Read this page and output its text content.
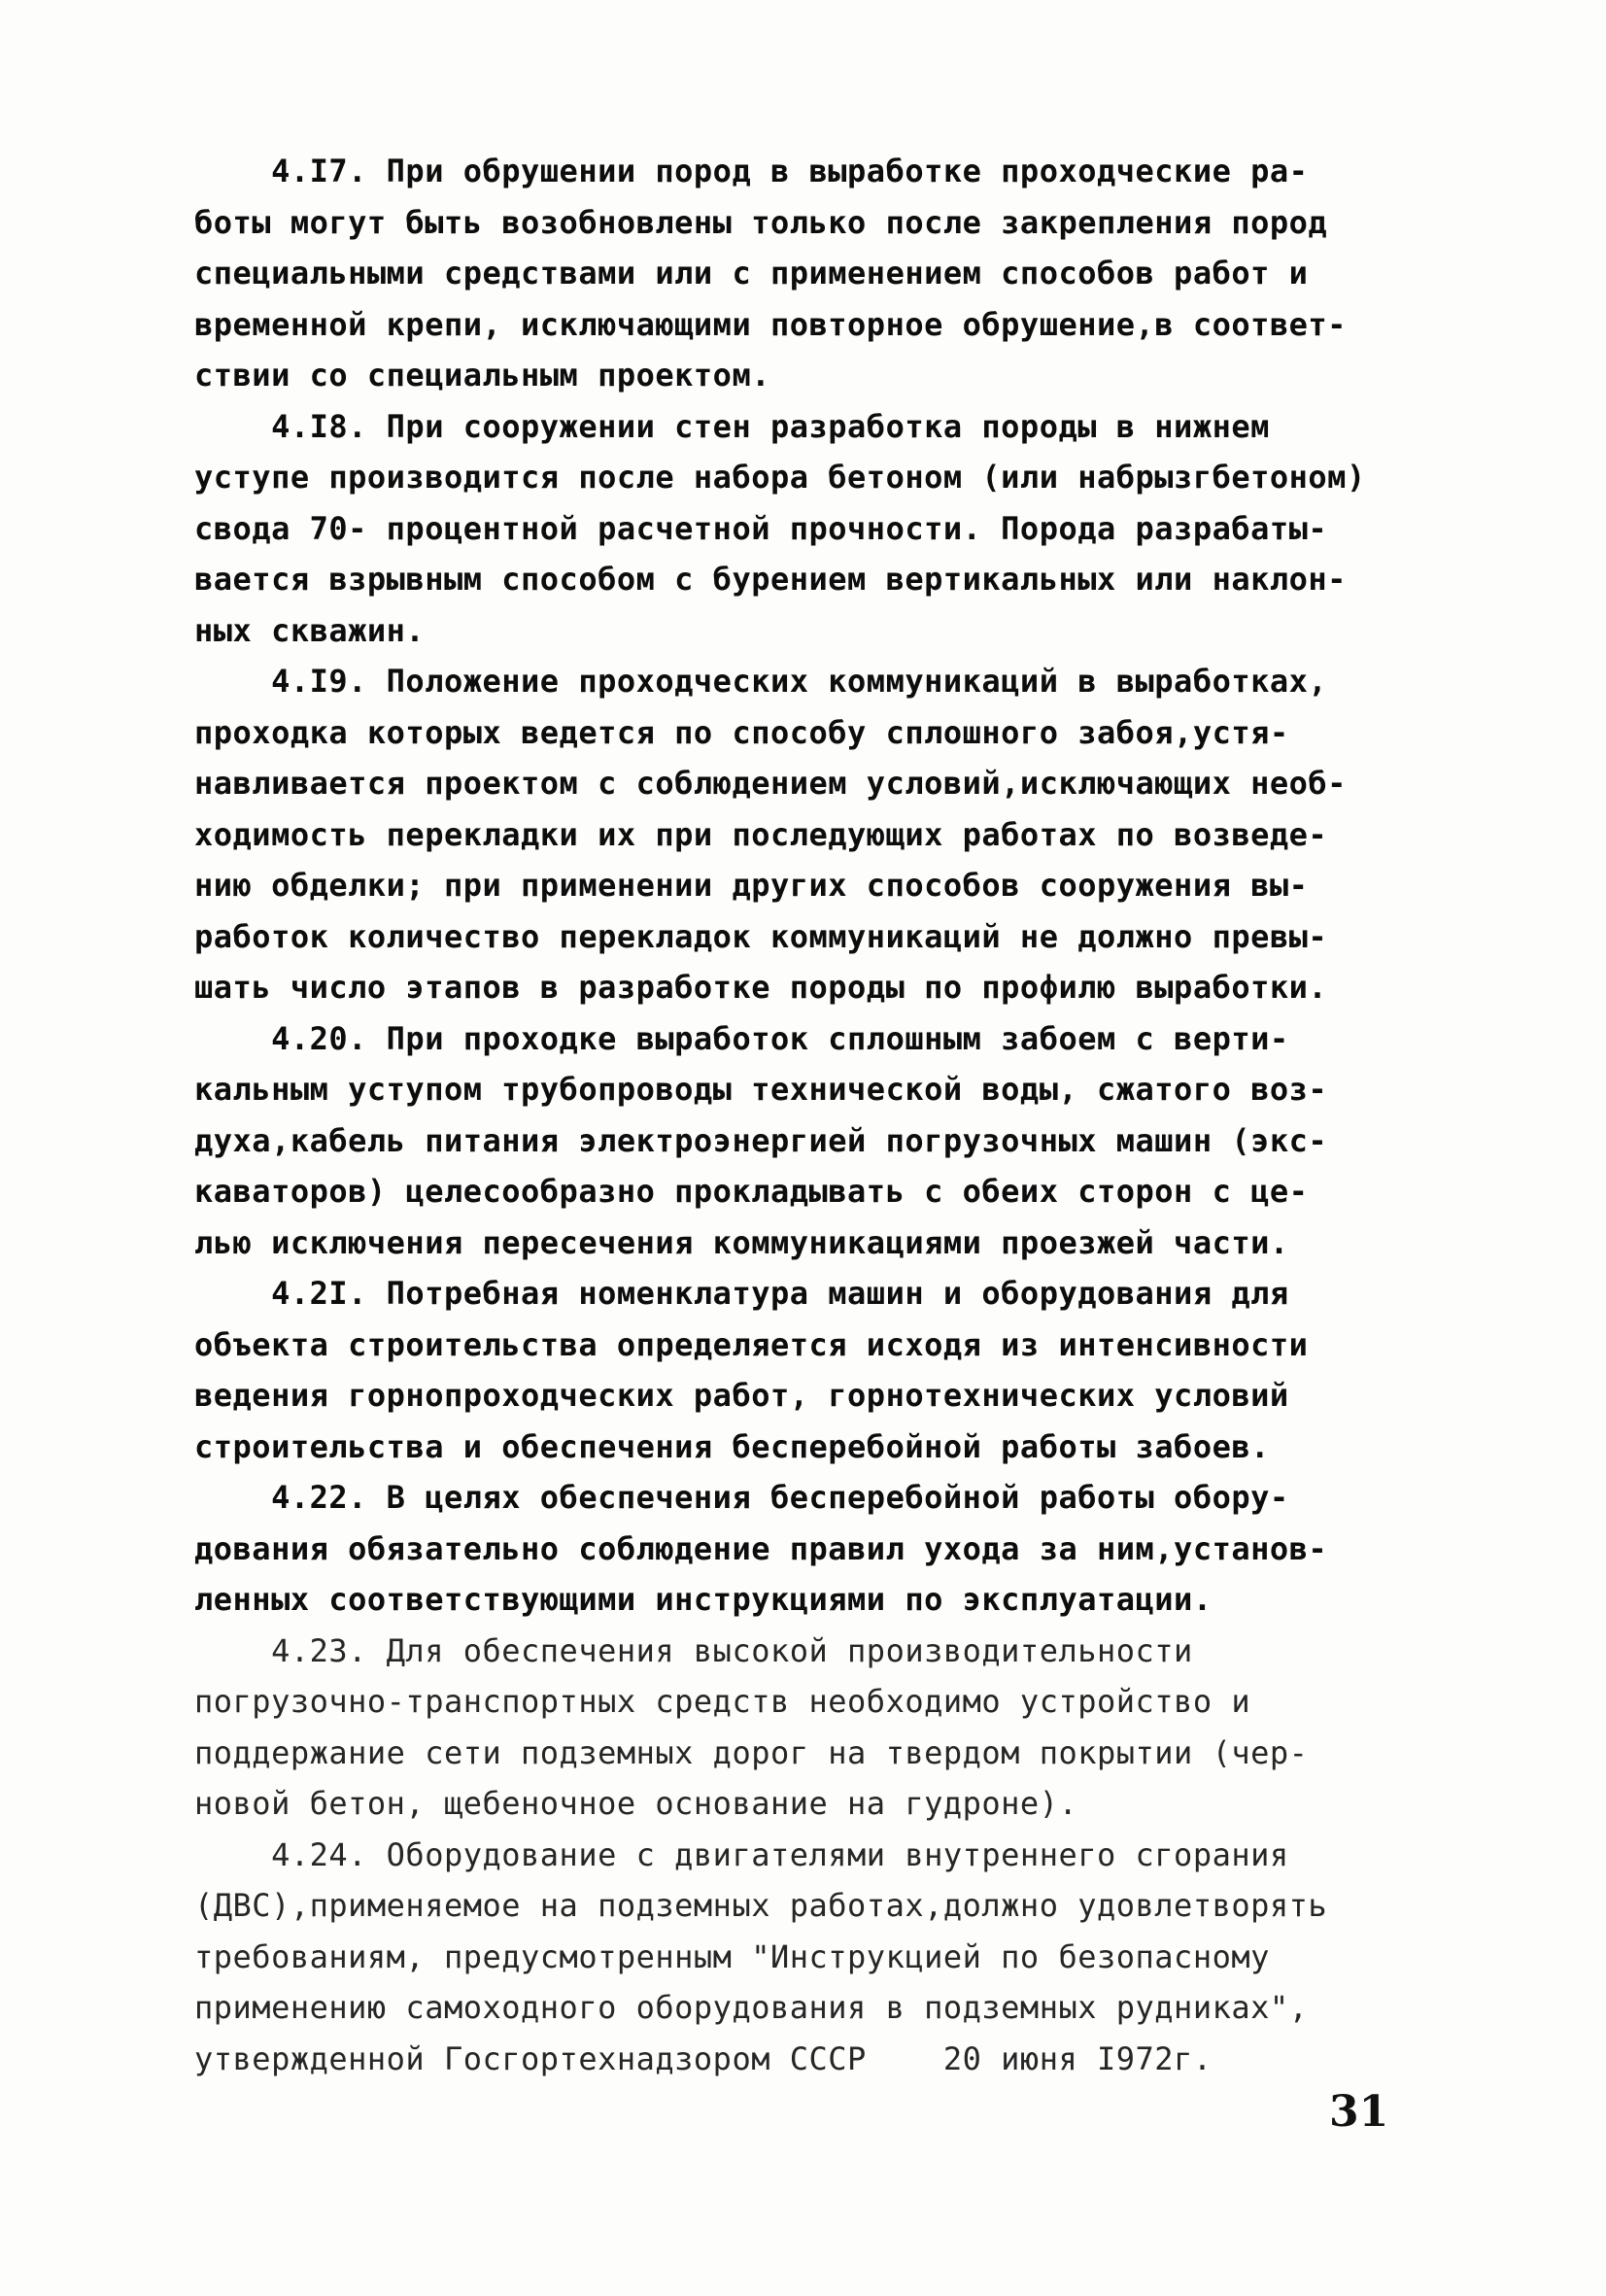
4.I7. При обрушении пород в выработке проходческие ра-
боты могут быть возобновлены только после закрепления пород
специальными средствами или с применением способов работ и
временной крепи, исключающими повторное обрушение,в соответ-
ствии со специальным проектом.
4.I8. При сооружении стен разработка породы в нижнем
уступе производится после набора бетоном (или набрызгбетоном)
свода 70- процентной расчетной прочности. Порода разрабаты-
вается взрывным способом с бурением вертикальных или наклон-
ных скважин.
4.I9. Положение проходческих коммуникаций в выработках,
проходка которых ведется по способу сплошного забоя,устя-
навливается проектом с соблюдением условий,исключающих необ-
ходимость перекладки их при последующих работах по возведе-
нию обделки; при применении других способов сооружения вы-
работок количество перекладок коммуникаций не должно превы-
шать число этапов в разработке породы по профилю выработки.
4.20. При проходке выработок сплошным забоем с верти-
кальным уступом трубопроводы технической воды, сжатого воз-
духа,кабель питания электроэнергией погрузочных машин (экс-
каваторов) целесообразно прокладывать с обеих сторон с це-
лью исключения пересечения коммуникациями проезжей части.
4.2I. Потребная номенклатура машин и оборудования для
объекта строительства определяется исходя из интенсивности
ведения горнопроходческих работ, горнотехнических условий
строительства и обеспечения бесперебойной работы забоев.
4.22. В целях обеспечения бесперебойной работы обору-
дования обязательно соблюдение правил ухода за ним,установ-
ленных соответствующими инструкциями по эксплуатации.
4.23. Для обеспечения высокой производительности
погрузочно-транспортных средств необходимо устройство и
поддержание сети подземных дорог на твердом покрытии (чер-
новой бетон, щебеночное основание на гудроне).
4.24. Оборудование с двигателями внутреннего сгорания
(ДВС),применяемое на подземных работах,должно удовлетворять
требованиям, предусмотренным "Инструкцией по безопасному
применению самоходного оборудования в подземных рудниках",
утвержденной Госгортехнадзором СССР    20 июня I972г.
31
